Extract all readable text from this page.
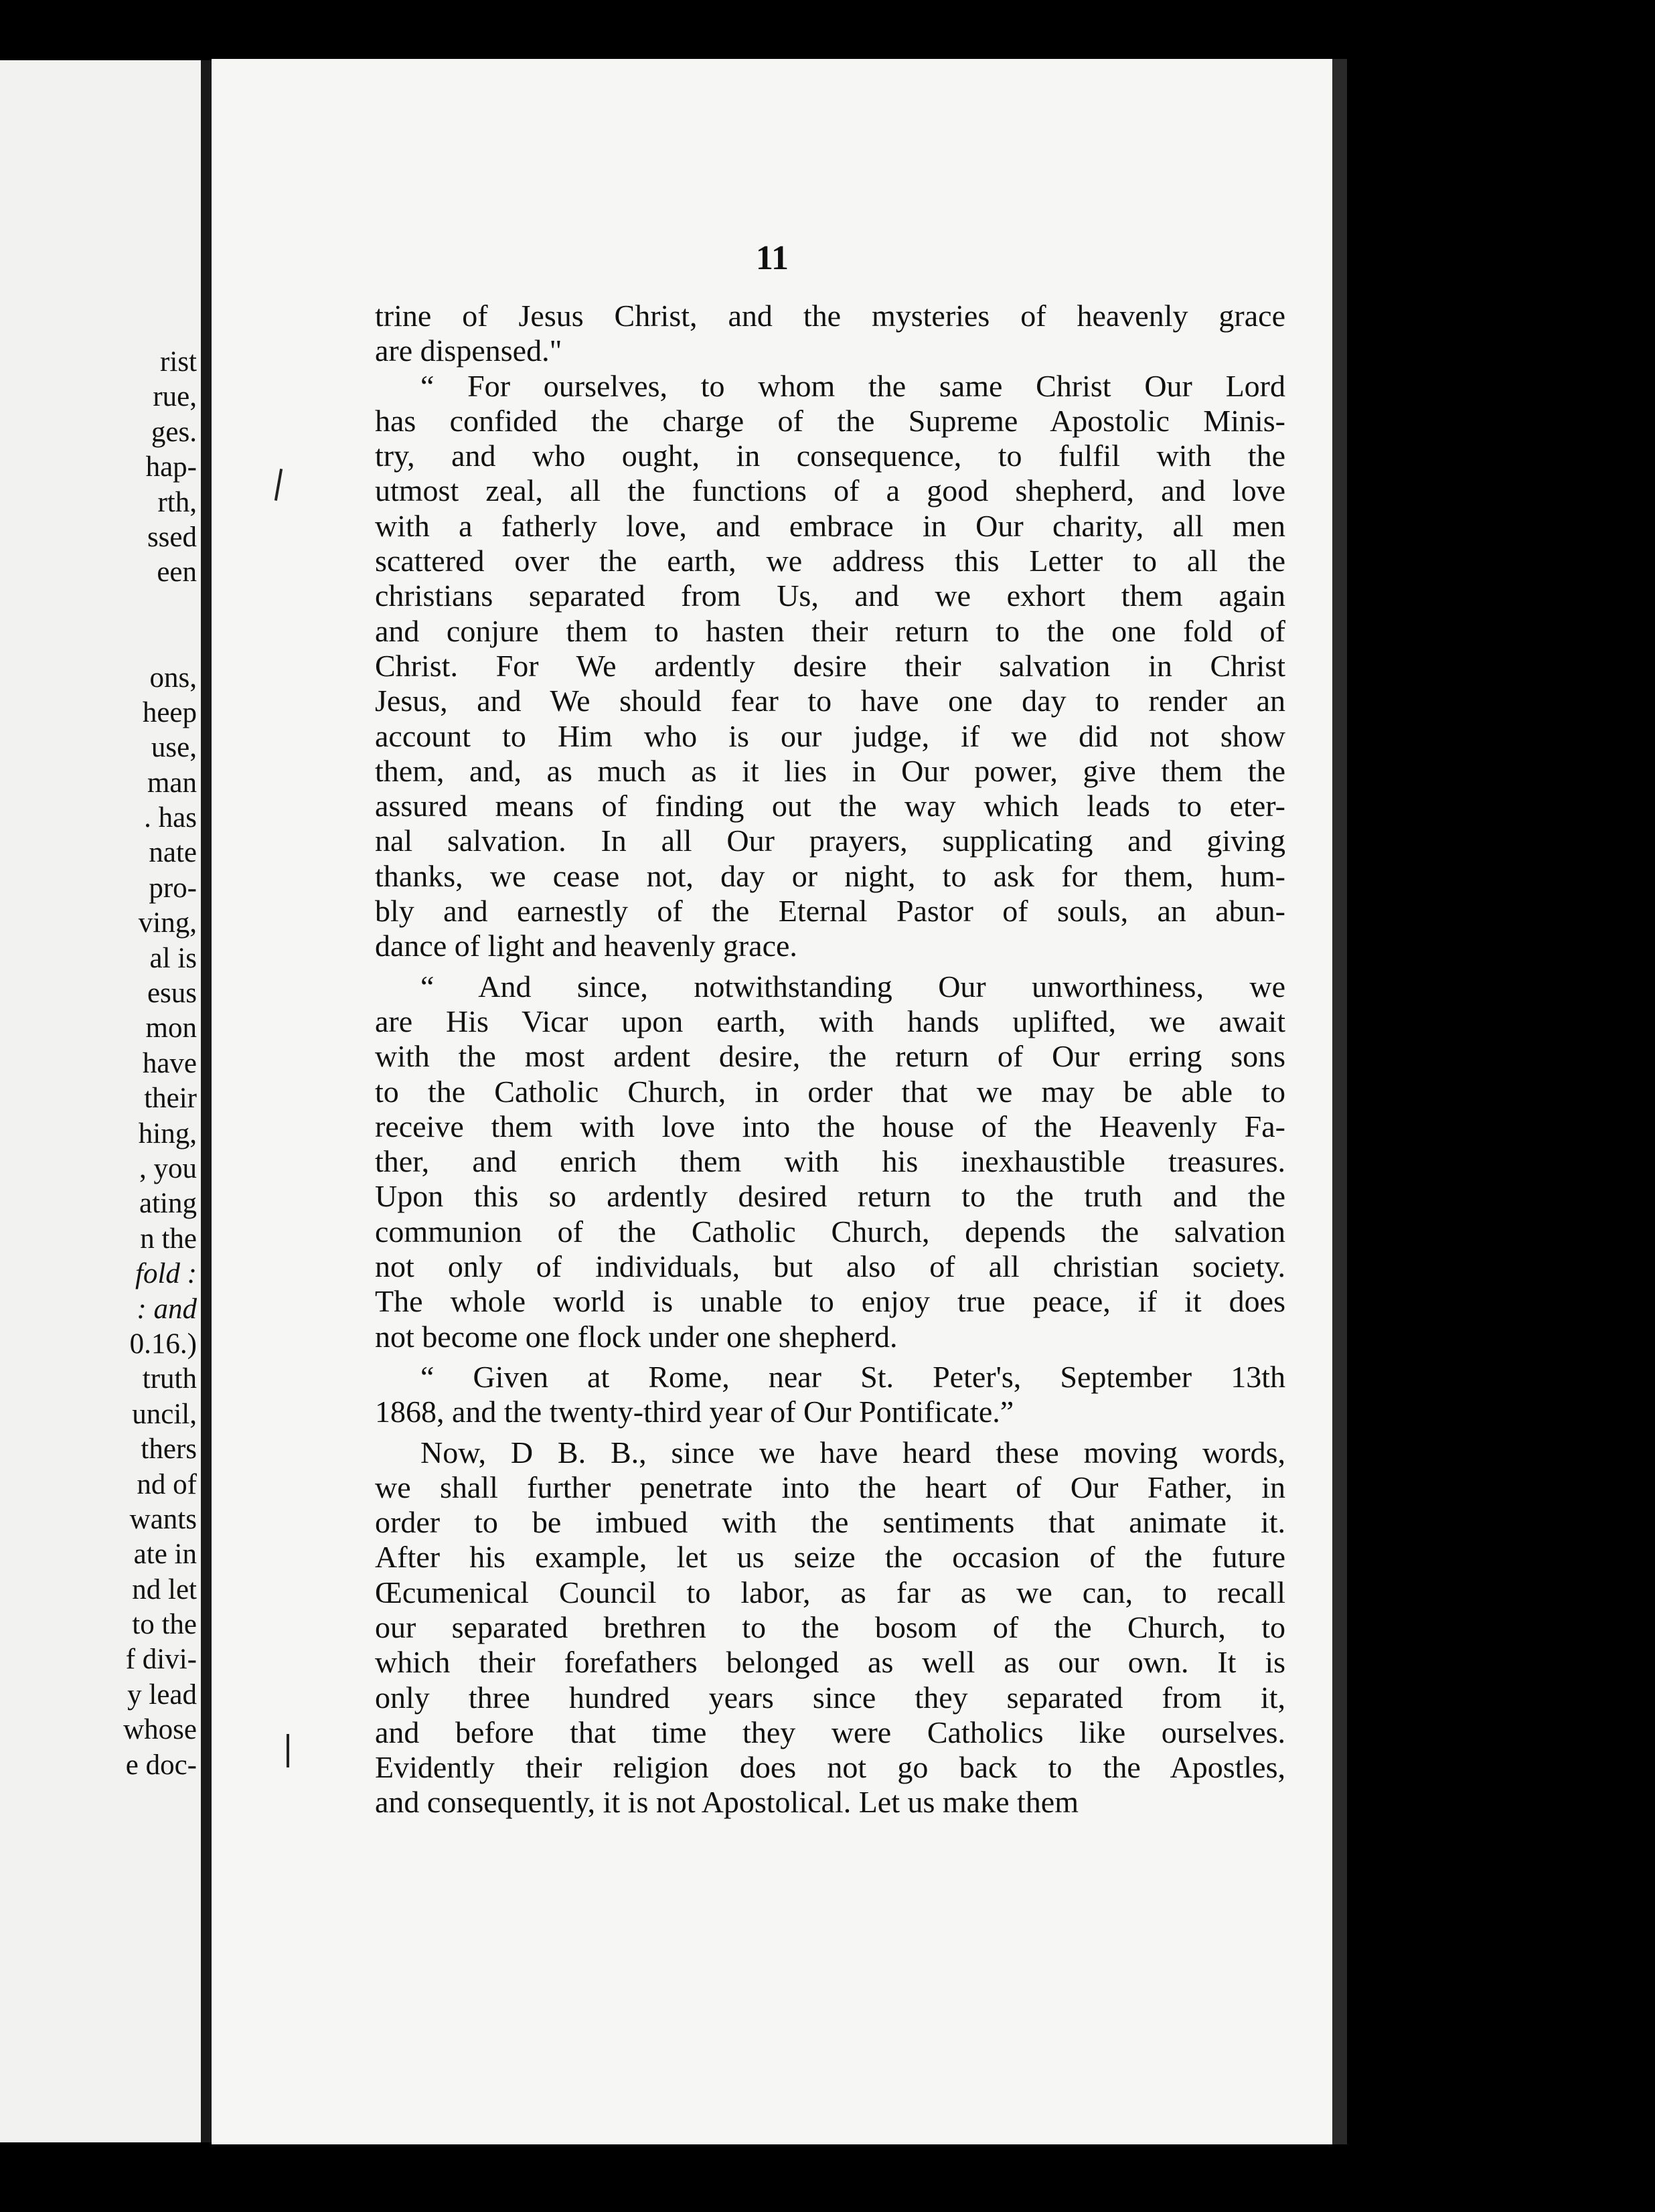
rist
rue,
ges.
hap-
rth,
ssed
een
ons,
heep
use,
man
. has
nate
pro-
ving,
al is
esus
mon
have
their
hing,
, you
ating
n the
fold :
: and
0.16.)
truth
uncil,
thers
nd of
wants
ate in
nd let
to the
f divi-
y lead
whose
e doc-
11
trine of Jesus Christ, and the mysteries of heavenly grace
are dispensed."
“ For ourselves, to whom the same Christ Our Lord
has confided the charge of the Supreme Apostolic Minis-
try, and who ought, in consequence, to fulfil with the
utmost zeal, all the functions of a good shepherd, and love
with a fatherly love, and embrace in Our charity, all men
scattered over the earth, we address this Letter to all the
christians separated from Us, and we exhort them again
and conjure them to hasten their return to the one fold of
Christ. For We ardently desire their salvation in Christ
Jesus, and We should fear to have one day to render an
account to Him who is our judge, if we did not show
them, and, as much as it lies in Our power, give them the
assured means of finding out the way which leads to eter-
nal salvation. In all Our prayers, supplicating and giving
thanks, we cease not, day or night, to ask for them, hum-
bly and earnestly of the Eternal Pastor of souls, an abun-
dance of light and heavenly grace.
“ And since, notwithstanding Our unworthiness, we
are His Vicar upon earth, with hands uplifted, we await
with the most ardent desire, the return of Our erring sons
to the Catholic Church, in order that we may be able to
receive them with love into the house of the Heavenly Fa-
ther, and enrich them with his inexhaustible treasures.
Upon this so ardently desired return to the truth and the
communion of the Catholic Church, depends the salvation
not only of individuals, but also of all christian society.
The whole world is unable to enjoy true peace, if it does
not become one flock under one shepherd.
“ Given at Rome, near St. Peter's, September 13th
1868, and the twenty-third year of Our Pontificate.”
Now, D B. B., since we have heard these moving words,
we shall further penetrate into the heart of Our Father, in
order to be imbued with the sentiments that animate it.
After his example, let us seize the occasion of the future
Œcumenical Council to labor, as far as we can, to recall
our separated brethren to the bosom of the Church, to
which their forefathers belonged as well as our own. It is
only three hundred years since they separated from it,
and before that time they were Catholics like ourselves.
Evidently their religion does not go back to the Apostles,
and consequently, it is not Apostolical. Let us make them
